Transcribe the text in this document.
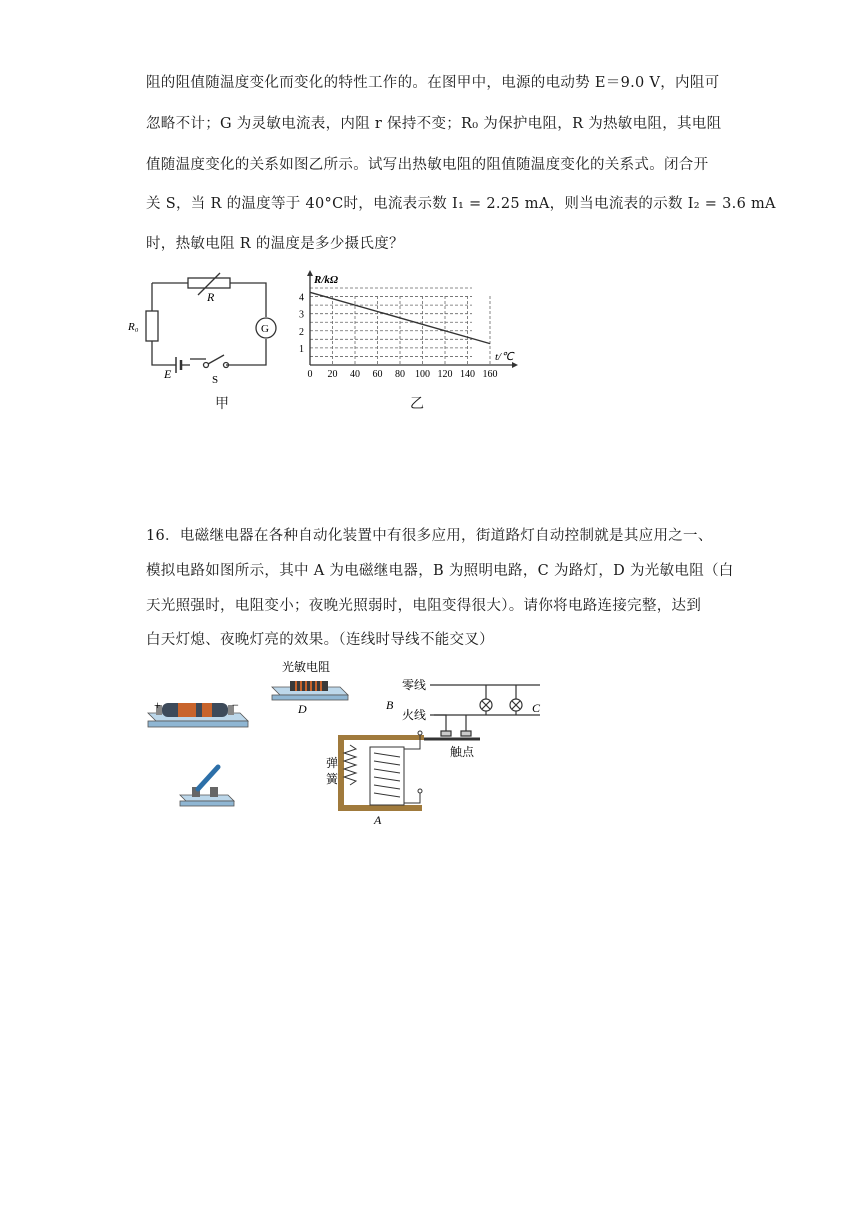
阻的阻值随温度变化而变化的特性工作的。在图甲中，电源的电动势 E＝9.0 V，内阻可
忽略不计；G 为灵敏电流表，内阻 r 保持不变；R₀ 为保护电阻，R 为热敏电阻，其电阻
值随温度变化的关系如图乙所示。试写出热敏电阻的阻值随温度变化的关系式。闭合开
关 S，当 R 的温度等于 40°C时，电流表示数 I₁ = 2.25 mA，则当电流表的示数 I₂ = 3.6 mA
时，热敏电阻 R 的温度是多少摄氏度？
R
R₀	G
E	S
甲
0 20 40 60 80 100 120 140 160
1
2
3
4
R/kΩ
t/℃
乙
16．电磁继电器在各种自动化装置中有很多应用，街道路灯自动控制就是其应用之一、
模拟电路如图所示，其中 A 为电磁继电器，B 为照明电路，C 为路灯，D 为光敏电阻（白
天光照强时，电阻变小；夜晚光照弱时，电阻变得很大）。请你将电路连接完整，达到
白天灯熄、夜晚灯亮的效果。（连线时导线不能交叉）
+	−
光敏电阻
D
零线
火线
B	C
触点
弹
簧
A
